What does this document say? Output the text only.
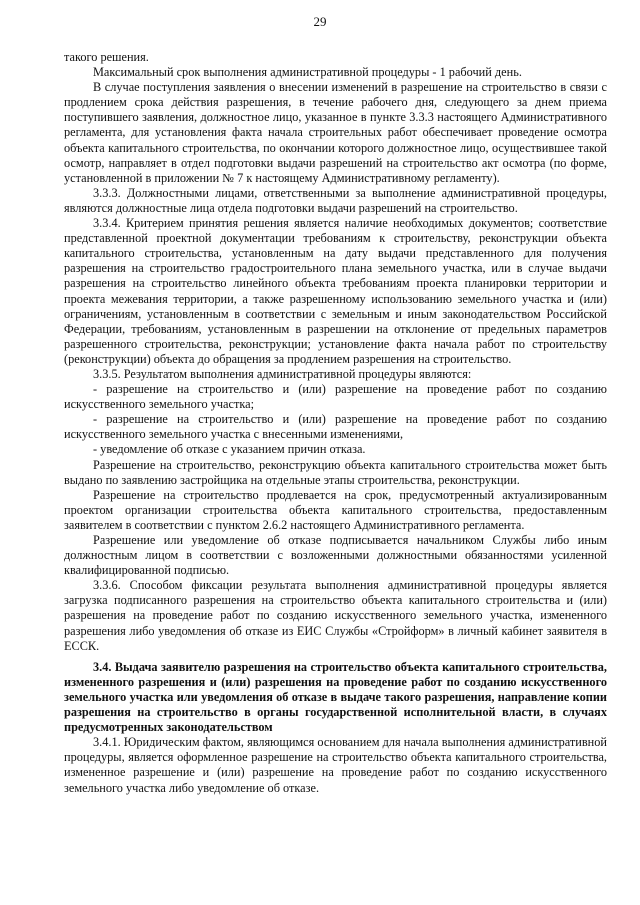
29

такого решения.

Максимальный срок выполнения административной процедуры - 1 рабочий день.

В случае поступления заявления о внесении изменений в разрешение на строительство в связи с продлением срока действия разрешения, в течение рабочего дня, следующего за днем приема поступившего заявления, должностное лицо, указанное в пункте 3.3.3 настоящего Административного регламента, для установления факта начала строительных работ обеспечивает проведение осмотра объекта капитального строительства, по окончании которого должностное лицо, осуществившее такой осмотр, направляет в отдел подготовки выдачи разрешений на строительство акт осмотра (по форме, установленной в приложении № 7 к настоящему Административному регламенту).

3.3.3. Должностными лицами, ответственными за выполнение административной процедуры, являются должностные лица отдела подготовки выдачи разрешений на строительство.

3.3.4. Критерием принятия решения является наличие необходимых документов; соответствие представленной проектной документации требованиям к строительству, реконструкции объекта капитального строительства, установленным на дату выдачи представленного для получения разрешения на строительство градостроительного плана земельного участка, или в случае выдачи разрешения на строительство линейного объекта требованиям проекта планировки территории и проекта межевания территории, а также разрешенному использованию земельного участка и (или) ограничениям, установленным в соответствии с земельным и иным законодательством Российской Федерации, требованиям, установленным в разрешении на отклонение от предельных параметров разрешенного строительства, реконструкции; установление факта начала работ по строительству (реконструкции) объекта до обращения за продлением разрешения на строительство.

3.3.5. Результатом выполнения административной процедуры являются:

- разрешение на строительство и (или) разрешение на проведение работ по созданию искусственного земельного участка;

- разрешение на строительство и (или) разрешение на проведение работ по созданию искусственного земельного участка с внесенными изменениями,

- уведомление об отказе с указанием причин отказа.

Разрешение на строительство, реконструкцию объекта капитального строительства может быть выдано по заявлению застройщика на отдельные этапы строительства, реконструкции.

Разрешение на строительство продлевается на срок, предусмотренный актуализированным проектом организации строительства объекта капитального строительства, предоставленным заявителем в соответствии с пунктом 2.6.2 настоящего Административного регламента.

Разрешение или уведомление об отказе подписывается начальником Службы либо иным должностным лицом в соответствии с возложенными должностными обязанностями усиленной квалифицированной подписью.

3.3.6. Способом фиксации результата выполнения административной процедуры является загрузка подписанного разрешения на строительство объекта капитального строительства и (или) разрешения на проведение работ по созданию искусственного земельного участка, измененного разрешения либо уведомления об отказе из ЕИС Службы «Стройформ» в личный кабинет заявителя в ЕССК.

3.4. Выдача заявителю разрешения на строительство объекта капитального строительства, измененного разрешения и (или) разрешения на проведение работ по созданию искусственного земельного участка или уведомления об отказе в выдаче такого разрешения, направление копии разрешения на строительство в органы государственной исполнительной власти, в случаях предусмотренных законодательством

3.4.1. Юридическим фактом, являющимся основанием для начала выполнения административной процедуры, является оформленное разрешение на строительство объекта капитального строительства, измененное разрешение и (или) разрешение на проведение работ по созданию искусственного земельного участка либо уведомление об отказе.
